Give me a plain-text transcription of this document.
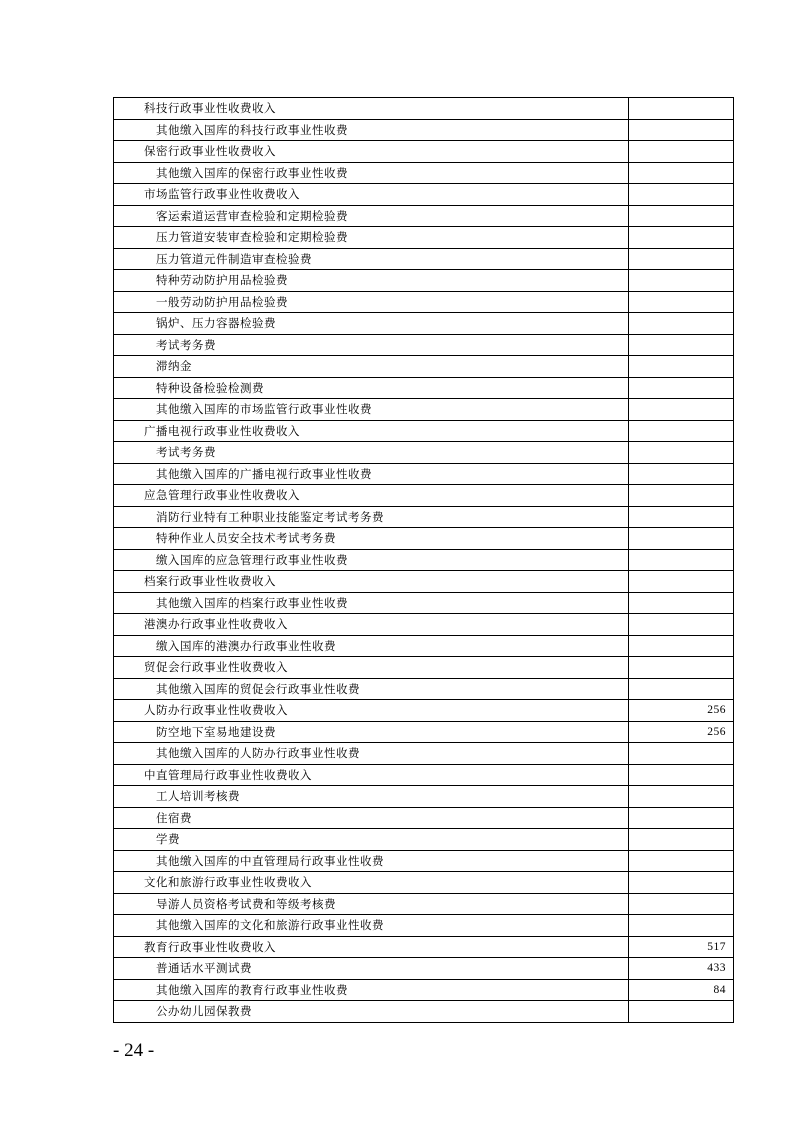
科技行政事业性收费收入	
其他缴入国库的科技行政事业性收费	
保密行政事业性收费收入	
其他缴入国库的保密行政事业性收费	
市场监管行政事业性收费收入	
客运索道运营审查检验和定期检验费	
压力管道安装审查检验和定期检验费	
压力管道元件制造审查检验费	
特种劳动防护用品检验费	
一般劳动防护用品检验费	
锅炉、压力容器检验费	
考试考务费	
滞纳金	
特种设备检验检测费	
其他缴入国库的市场监管行政事业性收费	
广播电视行政事业性收费收入	
考试考务费	
其他缴入国库的广播电视行政事业性收费	
应急管理行政事业性收费收入	
消防行业特有工种职业技能鉴定考试考务费	
特种作业人员安全技术考试考务费	
缴入国库的应急管理行政事业性收费	
档案行政事业性收费收入	
其他缴入国库的档案行政事业性收费	
港澳办行政事业性收费收入	
缴入国库的港澳办行政事业性收费	
贸促会行政事业性收费收入	
其他缴入国库的贸促会行政事业性收费	
人防办行政事业性收费收入	256
防空地下室易地建设费	256
其他缴入国库的人防办行政事业性收费	
中直管理局行政事业性收费收入	
工人培训考核费	
住宿费	
学费	
其他缴入国库的中直管理局行政事业性收费	
文化和旅游行政事业性收费收入	
导游人员资格考试费和等级考核费	
其他缴入国库的文化和旅游行政事业性收费	
教育行政事业性收费收入	517
普通话水平测试费	433
其他缴入国库的教育行政事业性收费	84
公办幼儿园保教费	
- 24 -
